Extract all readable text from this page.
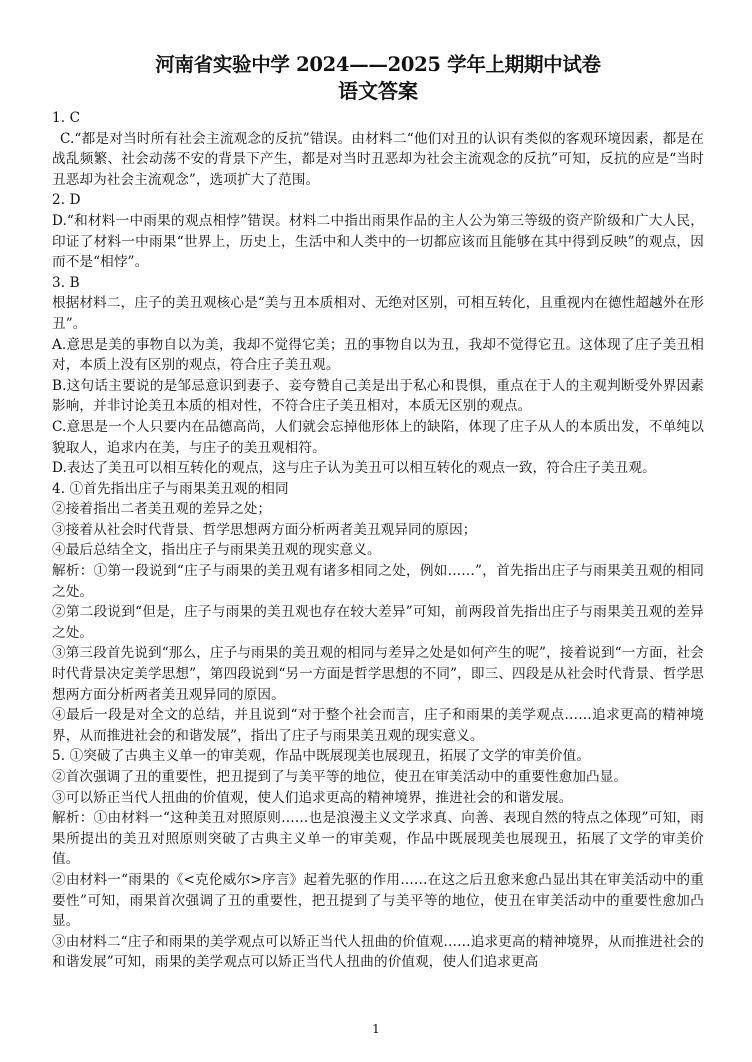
河南省实验中学 2024——2025 学年上期期中试卷
语文答案

1. C

C.“都是对当时所有社会主流观念的反抗”错误。由材料二“他们对丑的认识有类似的客观环境因素，都是在战乱频繁、社会动荡不安的背景下产生，都是对当时丑恶却为社会主流观念的反抗”可知，反抗的应是“当时丑恶却为社会主流观念”，选项扩大了范围。

2. D

D.“和材料一中雨果的观点相悖”错误。材料二中指出雨果作品的主人公为第三等级的资产阶级和广大人民，印证了材料一中雨果“世界上，历史上，生活中和人类中的一切都应该而且能够在其中得到反映”的观点，因而不是“相悖”。

3. B

根据材料二，庄子的美丑观核心是“美与丑本质相对、无绝对区别，可相互转化，且重视内在德性超越外在形丑”。

A.意思是美的事物自以为美，我却不觉得它美；丑的事物自以为丑，我却不觉得它丑。这体现了庄子美丑相对，本质上没有区别的观点，符合庄子美丑观。

B.这句话主要说的是邹忌意识到妻子、妾夸赞自己美是出于私心和畏惧，重点在于人的主观判断受外界因素影响，并非讨论美丑本质的相对性，不符合庄子美丑相对，本质无区别的观点。

C.意思是一个人只要内在品德高尚，人们就会忘掉他形体上的缺陷，体现了庄子从人的本质出发，不单纯以貌取人，追求内在美，与庄子的美丑观相符。

D.表达了美丑可以相互转化的观点，这与庄子认为美丑可以相互转化的观点一致，符合庄子美丑观。

4. ①首先指出庄子与雨果美丑观的相同

②接着指出二者美丑观的差异之处；

③接着从社会时代背景、哲学思想两方面分析两者美丑观异同的原因；

④最后总结全文，指出庄子与雨果美丑观的现实意义。

解析：①第一段说到“庄子与雨果的美丑观有诸多相同之处，例如……”，首先指出庄子与雨果美丑观的相同之处。

②第二段说到“但是，庄子与雨果的美丑观也存在较大差异”可知，前两段首先指出庄子与雨果美丑观的差异之处。

③第三段首先说到“那么，庄子与雨果的美丑观的相同与差异之处是如何产生的呢”，接着说到“一方面，社会时代背景决定美学思想”，第四段说到“另一方面是哲学思想的不同”，即三、四段是从社会时代背景、哲学思想两方面分析两者美丑观异同的原因。

④最后一段是对全文的总结，并且说到“对于整个社会而言，庄子和雨果的美学观点……追求更高的精神境界，从而推进社会的和谐发展”，指出了庄子与雨果美丑观的现实意义。

5. ①突破了古典主义单一的审美观，作品中既展现美也展现丑，拓展了文学的审美价值。

②首次强调了丑的重要性，把丑提到了与美平等的地位，使丑在审美活动中的重要性愈加凸显。

③可以矫正当代人扭曲的价值观，使人们追求更高的精神境界，推进社会的和谐发展。

解析：①由材料一“这种美丑对照原则……也是浪漫主义文学求真、向善、表现自然的特点之体现”可知，雨果所提出的美丑对照原则突破了古典主义单一的审美观，作品中既展现美也展现丑，拓展了文学的审美价值。

②由材料一“雨果的《<克伦威尔>序言》起着先驱的作用……在这之后丑愈来愈凸显出其在审美活动中的重要性”可知，雨果首次强调了丑的重要性，把丑提到了与美平等的地位，使丑在审美活动中的重要性愈加凸显。

③由材料二“庄子和雨果的美学观点可以矫正当代人扭曲的价值观……追求更高的精神境界，从而推进社会的和谐发展”可知，雨果的美学观点可以矫正当代人扭曲的价值观，使人们追求更高

1
